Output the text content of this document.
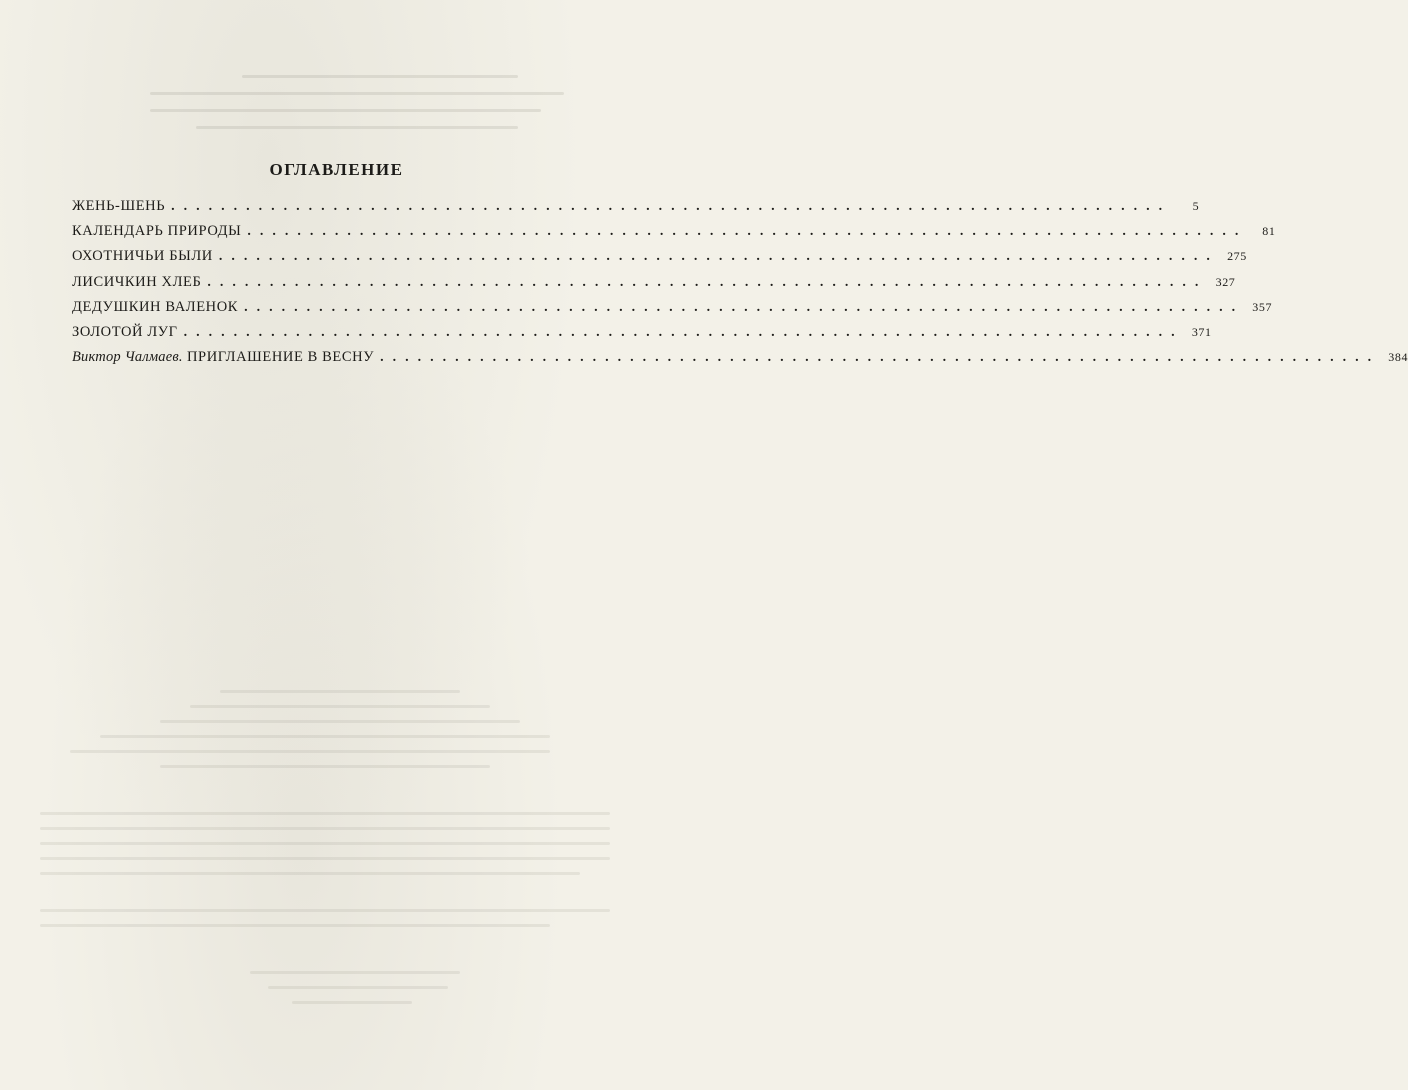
ОГЛАВЛЕНИЕ
ЖЕНЬ-ШЕНЬ ................................................................................	5
КАЛЕНДАРЬ ПРИРОДЫ ................................................................................	81
ОХОТНИЧЬИ БЫЛИ ................................................................................ 275
ЛИСИЧКИН ХЛЕБ ................................................................................ 327
ДЕДУШКИН ВАЛЕНОК ................................................................................ 357
ЗОЛОТОЙ ЛУГ ................................................................................ 371
Виктор Чалмаев. ПРИГЛАШЕНИЕ В ВЕСНУ ................................................................................ 384
